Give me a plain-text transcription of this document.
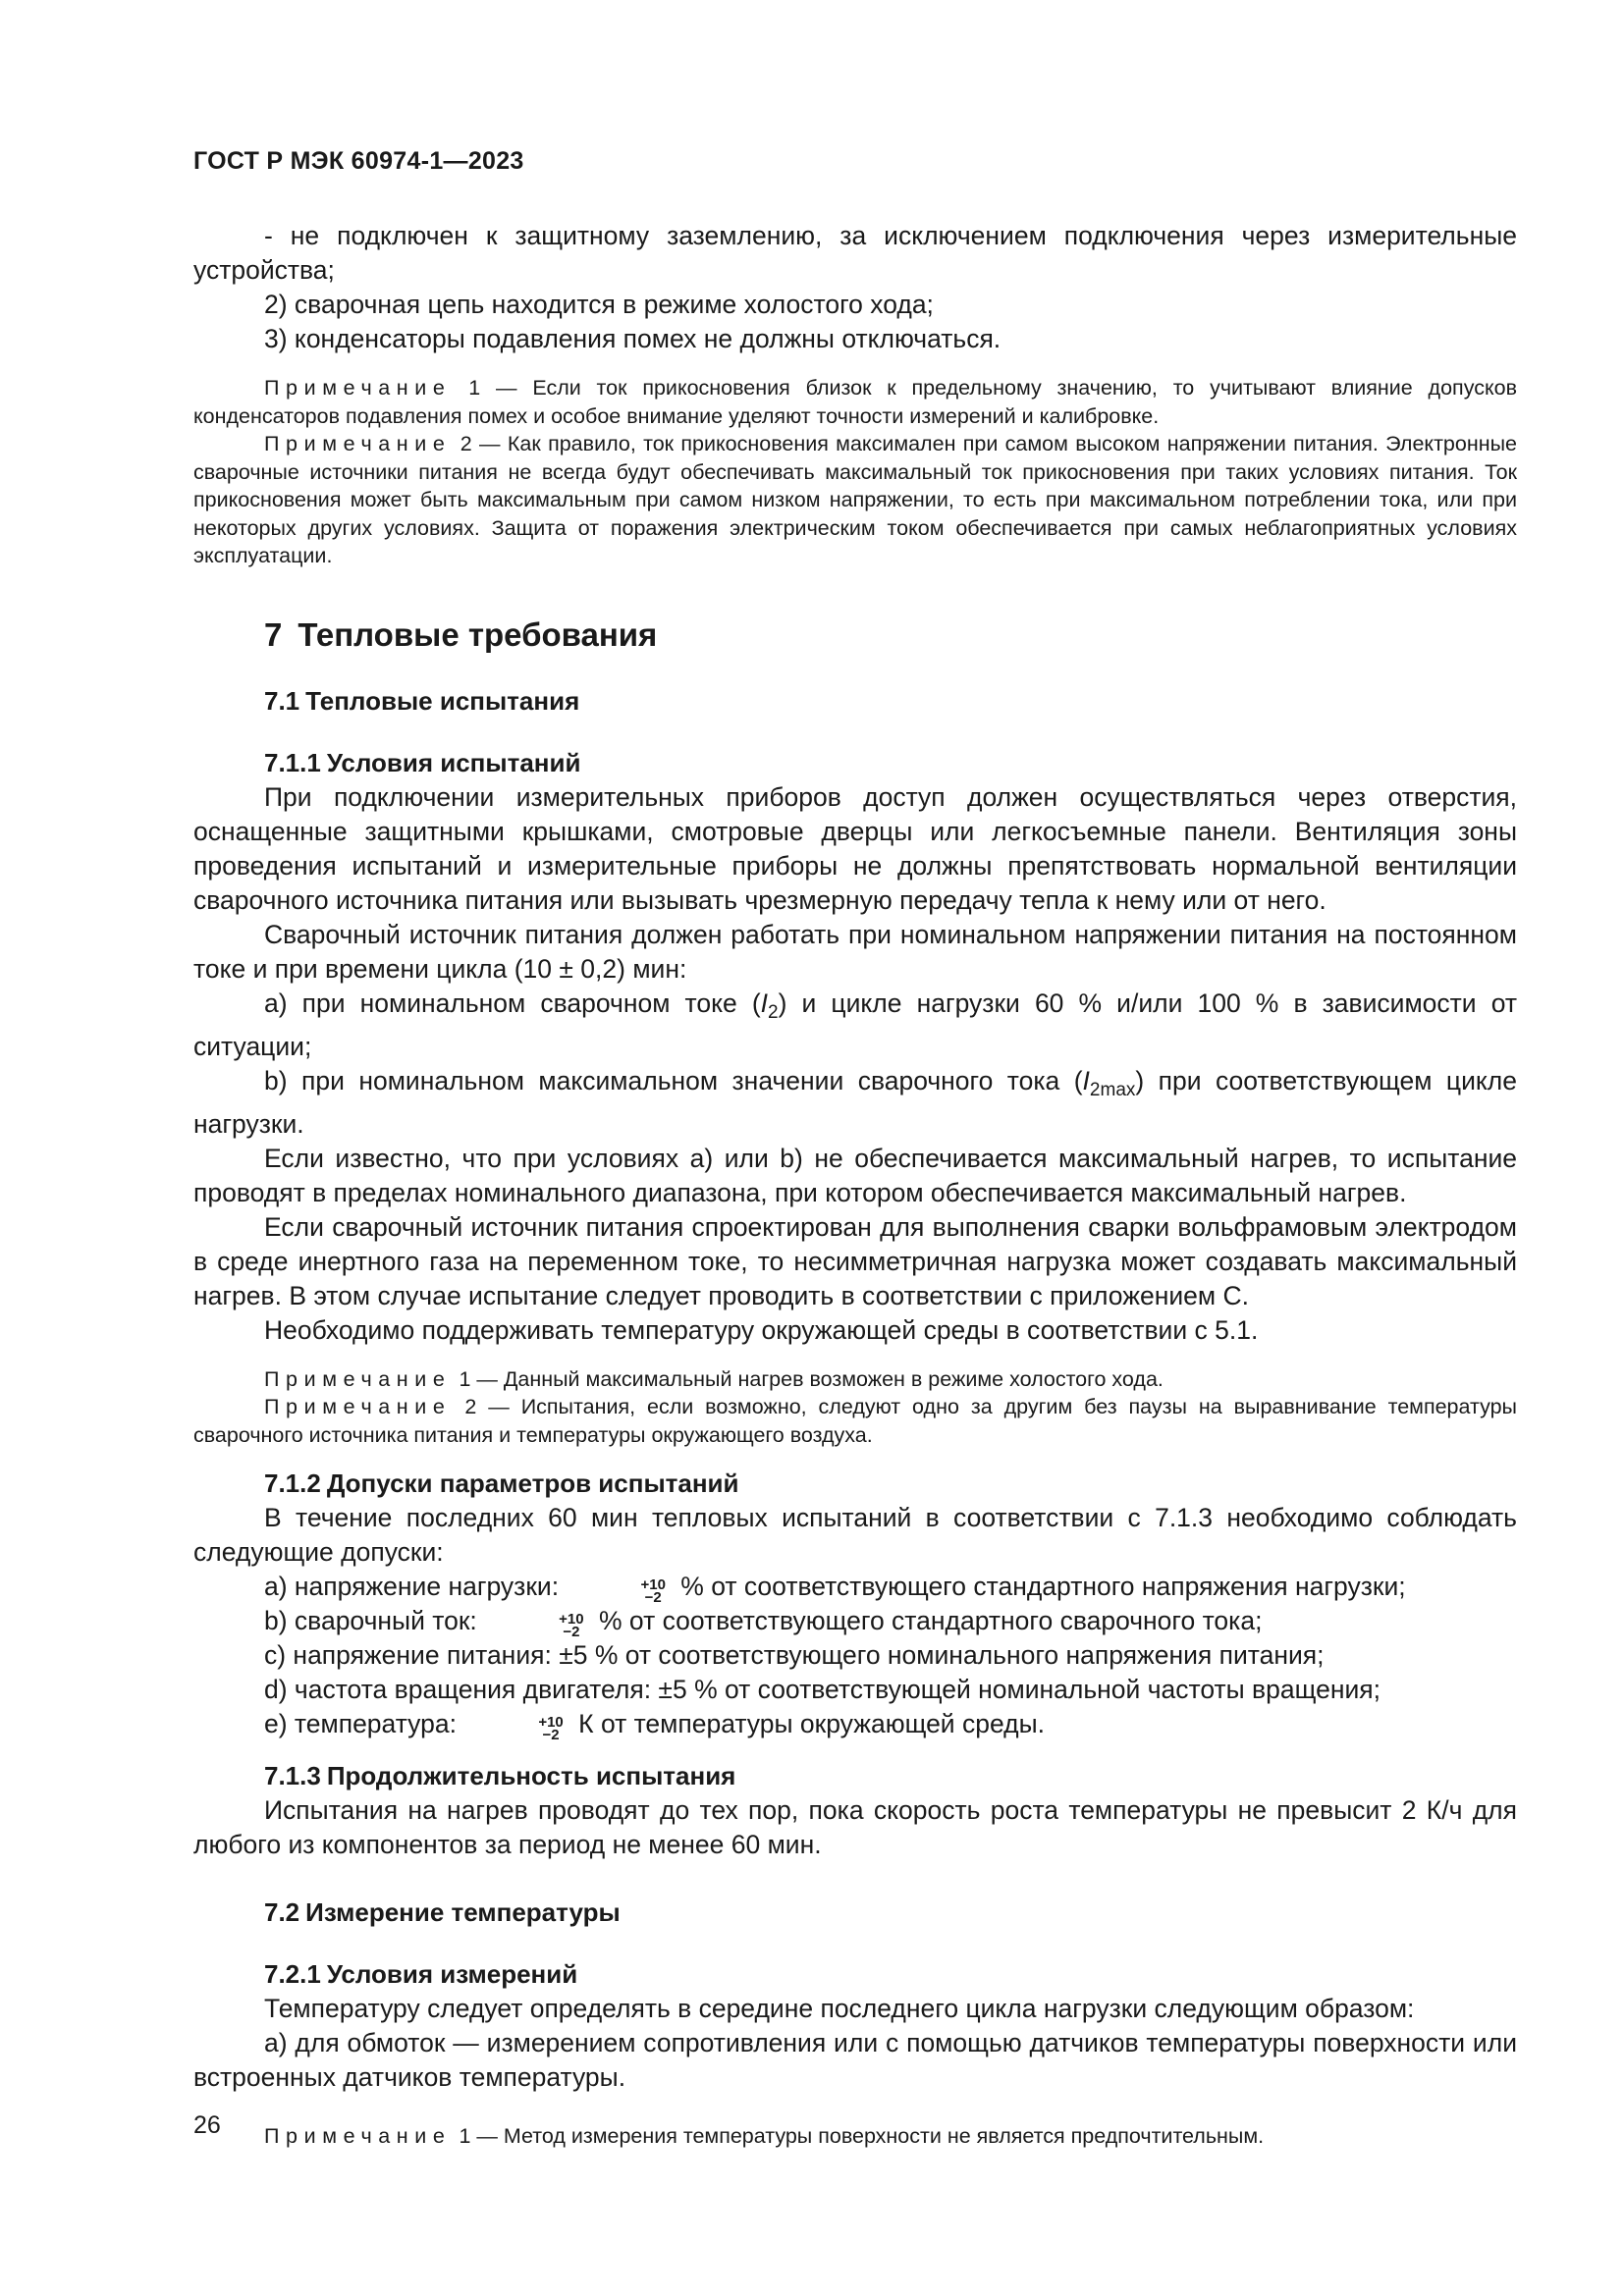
ГОСТ Р МЭК 60974-1—2023

- не подключен к защитному заземлению, за исключением подключения через измерительные устройства;

2) сварочная цепь находится в режиме холостого хода;

3) конденсаторы подавления помех не должны отключаться.

Примечание 1 — Если ток прикосновения близок к предельному значению, то учитывают влияние допусков конденсаторов подавления помех и особое внимание уделяют точности измерений и калибровке.

Примечание 2 — Как правило, ток прикосновения максимален при самом высоком напряжении питания. Электронные сварочные источники питания не всегда будут обеспечивать максимальный ток прикосновения при таких условиях питания. Ток прикосновения может быть максимальным при самом низком напряжении, то есть при максимальном потреблении тока, или при некоторых других условиях. Защита от поражения электрическим током обеспечивается при самых неблагоприятных условиях эксплуатации.

7 Тепловые требования
7.1 Тепловые испытания
7.1.1 Условия испытаний

При подключении измерительных приборов доступ должен осуществляться через отверстия, оснащенные защитными крышками, смотровые дверцы или легкосъемные панели. Вентиляция зоны проведения испытаний и измерительные приборы не должны препятствовать нормальной вентиляции сварочного источника питания или вызывать чрезмерную передачу тепла к нему или от него.

Сварочный источник питания должен работать при номинальном напряжении питания на постоянном токе и при времени цикла (10 ± 0,2) мин:

а) при номинальном сварочном токе $(I_2)$ и цикле нагрузки 60 % и/или 100 % в зависимости от ситуации;

b) при номинальном максимальном значении сварочного тока $(I_{2max})$ при соответствующем цикле нагрузки.

Если известно, что при условиях а) или b) не обеспечивается максимальный нагрев, то испытание проводят в пределах номинального диапазона, при котором обеспечивается максимальный нагрев.

Если сварочный источник питания спроектирован для выполнения сварки вольфрамовым электродом в среде инертного газа на переменном токе, то несимметричная нагрузка может создавать максимальный нагрев. В этом случае испытание следует проводить в соответствии с приложением С.

Необходимо поддерживать температуру окружающей среды в соответствии с 5.1.

Примечание 1 — Данный максимальный нагрев возможен в режиме холостого хода.

Примечание 2 — Испытания, если возможно, следуют одно за другим без паузы на выравнивание температуры сварочного источника питания и температуры окружающего воздуха.

7.1.2 Допуски параметров испытаний

В течение последних 60 мин тепловых испытаний в соответствии с 7.1.3 необходимо соблюдать следующие допуски:

а) напряжение нагрузки:	+10
−2 % от соответствующего стандартного напряжения нагрузки;

b) сварочный ток:	+10
−2 % от соответствующего стандартного сварочного тока;

с) напряжение питания: ±5 % от соответствующего номинального напряжения питания;

d) частота вращения двигателя: ±5 % от соответствующей номинальной частоты вращения;

е) температура:	+10
−2 К от температуры окружающей среды.

7.1.3 Продолжительность испытания

Испытания на нагрев проводят до тех пор, пока скорость роста температуры не превысит 2 К/ч для любого из компонентов за период не менее 60 мин.

7.2 Измерение температуры
7.2.1 Условия измерений

Температуру следует определять в середине последнего цикла нагрузки следующим образом:

а) для обмоток — измерением сопротивления или с помощью датчиков температуры поверхности или встроенных датчиков температуры.

Примечание 1 — Метод измерения температуры поверхности не является предпочтительным.

26
